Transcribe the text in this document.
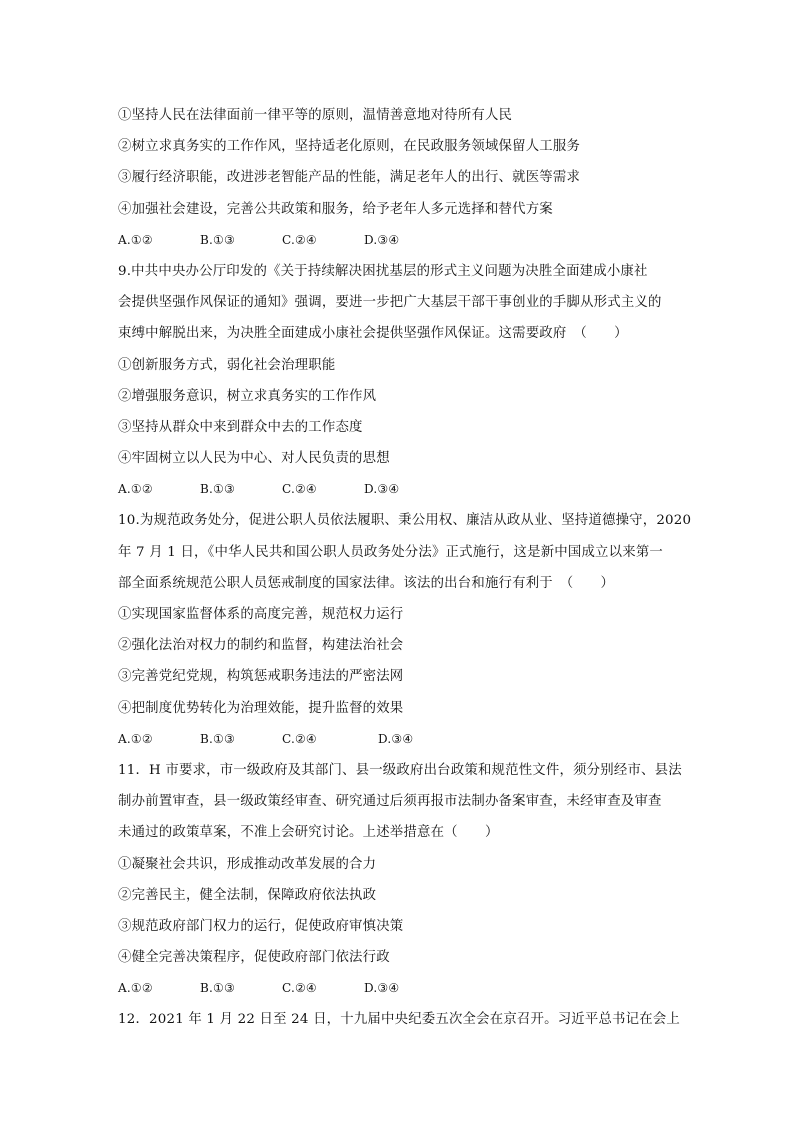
①坚持人民在法律面前一律平等的原则，温情善意地对待所有人民
②树立求真务实的工作作风，坚持适老化原则，在民政服务领域保留人工服务
③履行经济职能，改进涉老智能产品的性能，满足老年人的出行、就医等需求
④加强社会建设，完善公共政策和服务，给予老年人多元选择和替代方案
A.①②	B.①③	C.②④	D.③④
9.中共中央办公厅印发的《关于持续解决困扰基层的形式主义问题为决胜全面建成小康社
会提供坚强作风保证的通知》强调，要进一步把广大基层干部干事创业的手脚从形式主义的
束缚中解脱出来，为决胜全面建成小康社会提供坚强作风保证。这需要政府　（　　）
①创新服务方式，弱化社会治理职能
②增强服务意识，树立求真务实的工作作风
③坚持从群众中来到群众中去的工作态度
④牢固树立以人民为中心、对人民负责的思想
A.①②	B.①③	C.②④	D.③④
10.为规范政务处分，促进公职人员依法履职、秉公用权、廉洁从政从业、坚持道德操守，2020
年 7 月 1 日，《中华人民共和国公职人员政务处分法》正式施行，这是新中国成立以来第一
部全面系统规范公职人员惩戒制度的国家法律。该法的出台和施行有利于　（　　）
①实现国家监督体系的高度完善，规范权力运行
②强化法治对权力的制约和监督，构建法治社会
③完善党纪党规，构筑惩戒职务违法的严密法网
④把制度优势转化为治理效能，提升监督的效果
A.①②	B.①③	C.②④	D.③④
11．H 市要求，市一级政府及其部门、县一级政府出台政策和规范性文件，须分别经市、县法
制办前置审查，县一级政策经审查、研究通过后须再报市法制办备案审查，未经审查及审查
未通过的政策草案，不准上会研究讨论。上述举措意在（　　）
①凝聚社会共识，形成推动改革发展的合力
②完善民主，健全法制，保障政府依法执政
③规范政府部门权力的运行，促使政府审慎决策
④健全完善决策程序，促使政府部门依法行政
A.①②	B.①③	C.②④	D.③④
12．2021 年 1 月 22 日至 24 日，十九届中央纪委五次全会在京召开。习近平总书记在会上
